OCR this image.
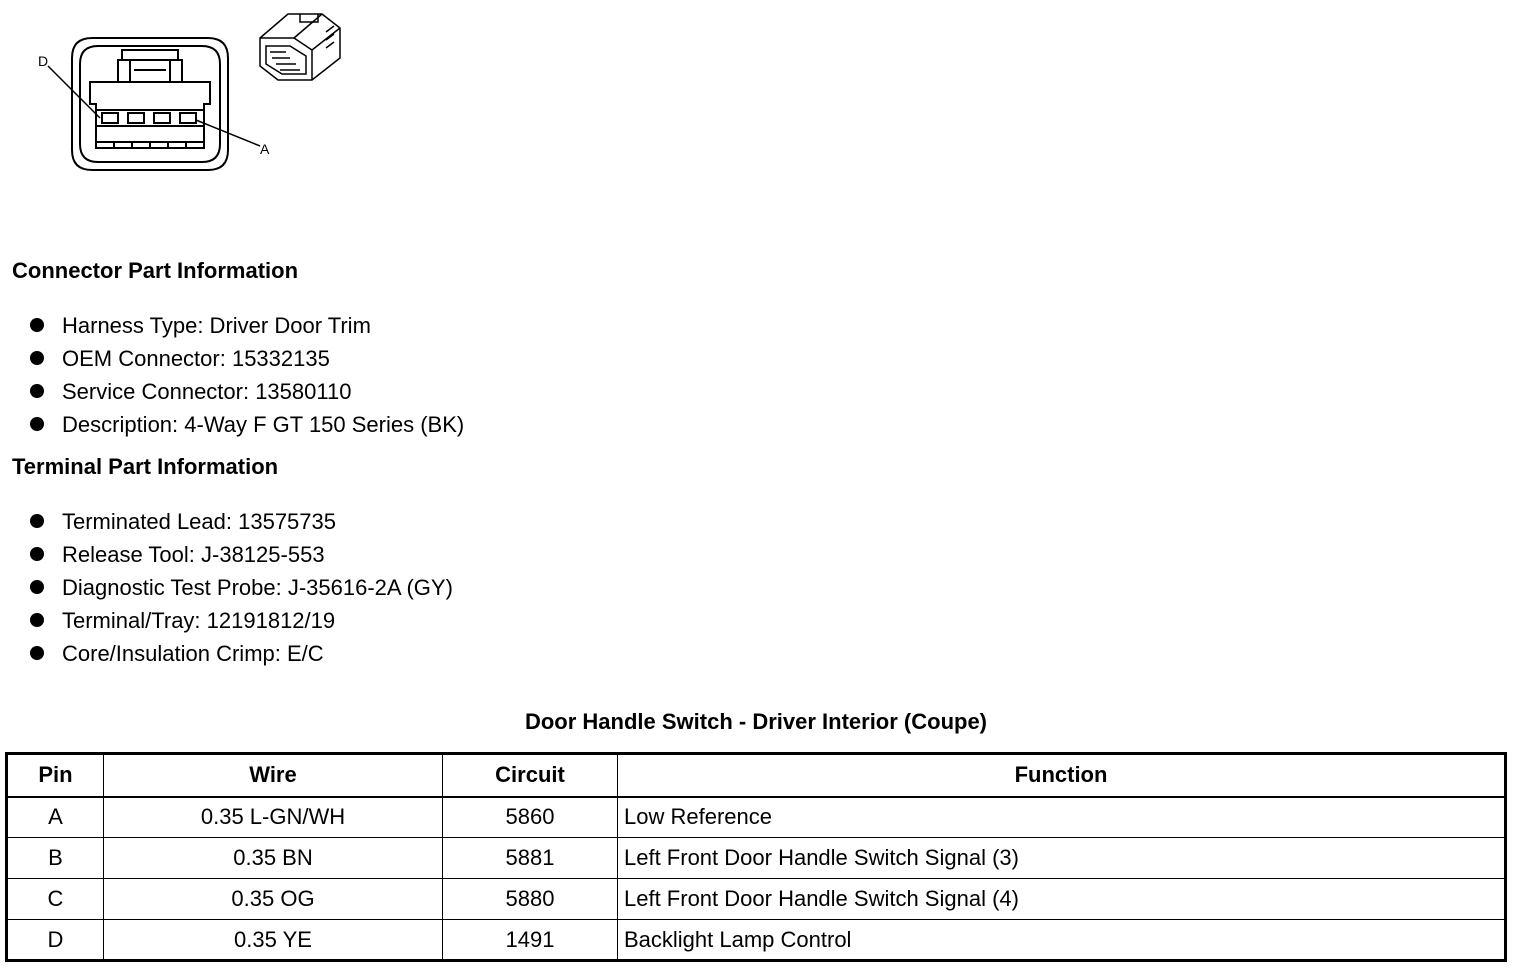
D
A
Connector Part Information
Harness Type: Driver Door Trim
OEM Connector: 15332135
Service Connector: 13580110
Description: 4-Way F GT 150 Series (BK)
Terminal Part Information
Terminated Lead: 13575735
Release Tool: J-38125-553
Diagnostic Test Probe: J-35616-2A (GY)
Terminal/Tray: 12191812/19
Core/Insulation Crimp: E/C
Door Handle Switch - Driver Interior (Coupe)
Pin	Wire	Circuit	Function
A	0.35 L-GN/WH	5860	Low Reference
B	0.35 BN	5881	Left Front Door Handle Switch Signal (3)
C	0.35 OG	5880	Left Front Door Handle Switch Signal (4)
D	0.35 YE	1491	Backlight Lamp Control
